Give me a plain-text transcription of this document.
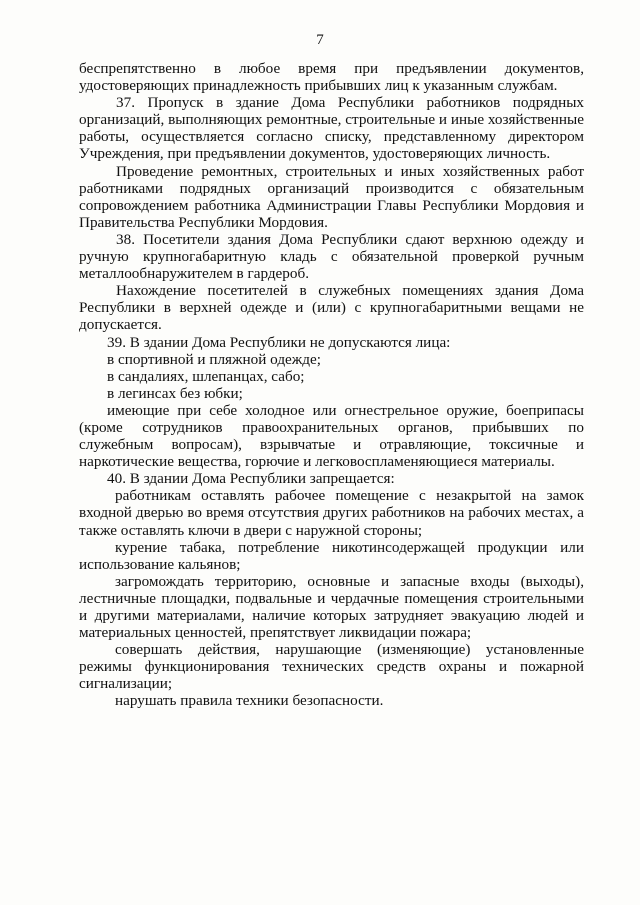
7
беспрепятственно в любое время при предъявлении документов,
удостоверяющих принадлежность прибывших лиц к указанным службам.
37. Пропуск в здание Дома Республики работников подрядных
организаций, выполняющих ремонтные, строительные и иные хозяйственные
работы, осуществляется согласно списку, представленному директором
Учреждения, при предъявлении документов, удостоверяющих личность.
Проведение ремонтных, строительных и иных хозяйственных работ
работниками подрядных организаций производится с обязательным
сопровождением работника Администрации Главы Республики Мордовия и
Правительства Республики Мордовия.
38. Посетители здания Дома Республики сдают верхнюю одежду и
ручную крупногабаритную кладь с обязательной проверкой ручным
металлообнаружителем в гардероб.
Нахождение посетителей в служебных помещениях здания Дома
Республики в верхней одежде и (или) с крупногабаритными вещами не
допускается.
39. В здании Дома Республики не допускаются лица:
в спортивной и пляжной одежде;
в сандалиях, шлепанцах, сабо;
в легинсах без юбки;
имеющие при себе холодное или огнестрельное оружие, боеприпасы
(кроме сотрудников правоохранительных органов, прибывших по
служебным вопросам), взрывчатые и отравляющие, токсичные и
наркотические вещества, горючие и легковоспламеняющиеся материалы.
40. В здании Дома Республики запрещается:
работникам оставлять рабочее помещение с незакрытой на замок
входной дверью во время отсутствия других работников на рабочих местах, а
также оставлять ключи в двери с наружной стороны;
курение табака, потребление никотинсодержащей продукции или
использование кальянов;
загромождать территорию, основные и запасные входы (выходы),
лестничные площадки, подвальные и чердачные помещения строительными
и другими материалами, наличие которых затрудняет эвакуацию людей и
материальных ценностей, препятствует ликвидации пожара;
совершать действия, нарушающие (изменяющие) установленные
режимы функционирования технических средств охраны и пожарной
сигнализации;
нарушать правила техники безопасности.
